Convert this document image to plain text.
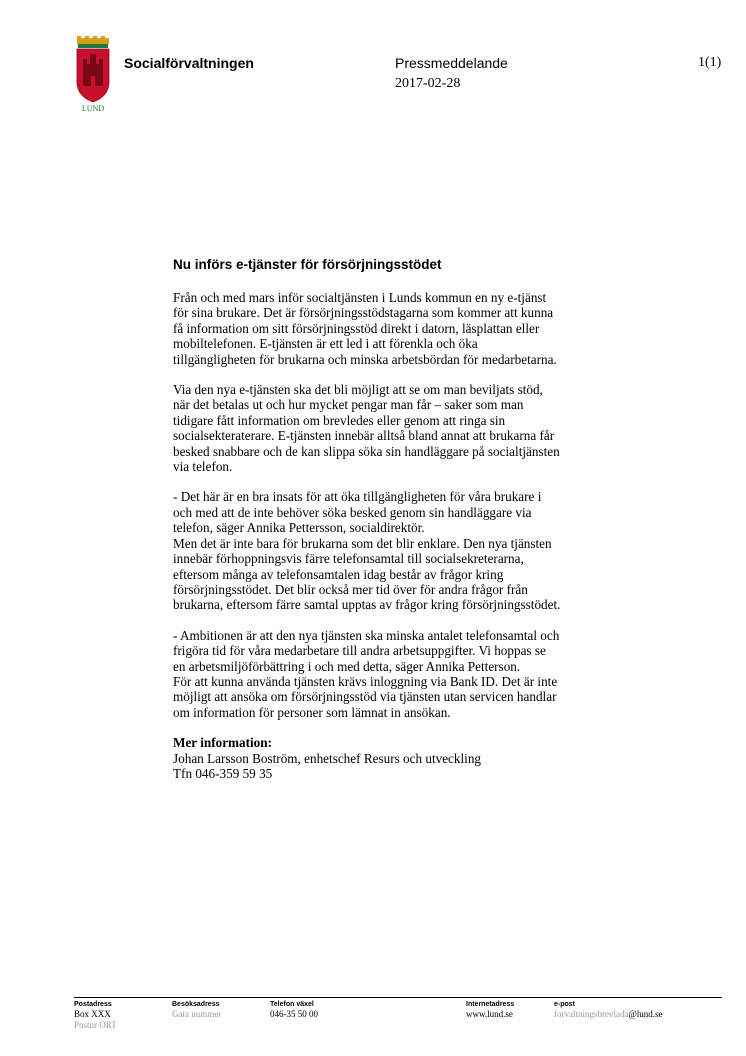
LUND
Socialförvaltningen	Pressmeddelande
2017-02-28
1(1)
Nu införs e-tjänster för försörjningsstödet
Från och med mars inför socialtjänsten i Lunds kommun en ny e-tjänst
för sina brukare. Det är försörjningsstödstagarna som kommer att kunna
få information om sitt försörjningsstöd direkt i datorn, läsplattan eller
mobiltelefonen. E-tjänsten är ett led i att förenkla och öka
tillgängligheten för brukarna och minska arbetsbördan för medarbetarna.
Via den nya e-tjänsten ska det bli möjligt att se om man beviljats stöd,
när det betalas ut och hur mycket pengar man får – saker som man
tidigare fått information om brevledes eller genom att ringa sin
socialsekteraterare. E-tjänsten innebär alltså bland annat att brukarna får
besked snabbare och de kan slippa söka sin handläggare på socialtjänsten
via telefon.
- Det här är en bra insats för att öka tillgängligheten för våra brukare i
och med att de inte behöver söka besked genom sin handläggare via
telefon, säger Annika Pettersson, socialdirektör.
Men det är inte bara för brukarna som det blir enklare. Den nya tjänsten
innebär förhoppningsvis färre telefonsamtal till socialsekreterarna,
eftersom många av telefonsamtalen idag består av frågor kring
försörjningsstödet. Det blir också mer tid över för andra frågor från
brukarna, eftersom färre samtal upptas av frågor kring försörjningsstödet.
- Ambitionen är att den nya tjänsten ska minska antalet telefonsamtal och
frigöra tid för våra medarbetare till andra arbetsuppgifter. Vi hoppas se
en arbetsmiljöförbättring i och med detta, säger Annika Petterson.
För att kunna använda tjänsten krävs inloggning via Bank ID. Det är inte
möjligt att ansöka om försörjningsstöd via tjänsten utan servicen handlar
om information för personer som lämnat in ansökan.
Mer information:
Johan Larsson Boström, enhetschef Resurs och utveckling
Tfn 046-359 59 35
Postadress
Box XXX
Postnr ORT
Besöksadress
Gata nummer
Telefon växel
046-35 50 00
Internetadress
www.lund.se
e-post
forvaltningsbrevlada@lund.se
